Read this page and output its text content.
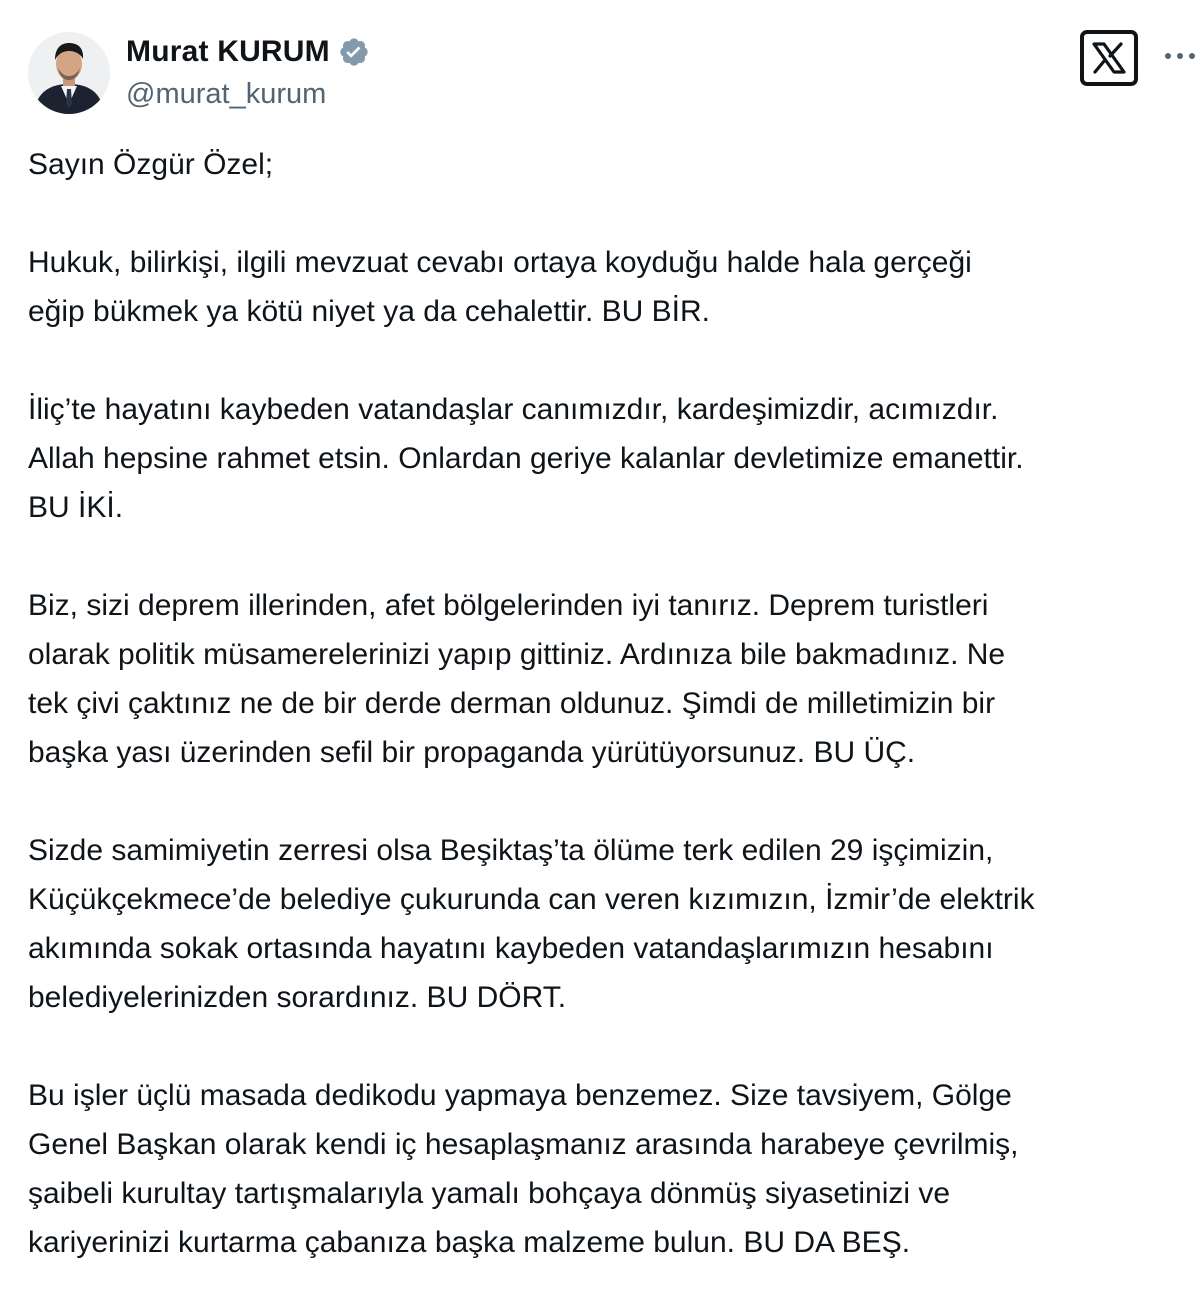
Murat KURUM
@murat_kurum

Sayın Özgür Özel;

Hukuk, bilirkişi, ilgili mevzuat cevabı ortaya koyduğu halde hala gerçeği
eğip bükmek ya kötü niyet ya da cehalettir. BU BİR.

İliç’te hayatını kaybeden vatandaşlar canımızdır, kardeşimizdir, acımızdır.
Allah hepsine rahmet etsin. Onlardan geriye kalanlar devletimize emanettir.
BU İKİ.

Biz, sizi deprem illerinden, afet bölgelerinden iyi tanırız. Deprem turistleri
olarak politik müsamerelerinizi yapıp gittiniz. Ardınıza bile bakmadınız. Ne
tek çivi çaktınız ne de bir derde derman oldunuz. Şimdi de milletimizin bir
başka yası üzerinden sefil bir propaganda yürütüyorsunuz. BU ÜÇ.

Sizde samimiyetin zerresi olsa Beşiktaş’ta ölüme terk edilen 29 işçimizin,
Küçükçekmece’de belediye çukurunda can veren kızımızın, İzmir’de elektrik
akımında sokak ortasında hayatını kaybeden vatandaşlarımızın hesabını
belediyelerinizden sorardınız. BU DÖRT.

Bu işler üçlü masada dedikodu yapmaya benzemez. Size tavsiyem, Gölge
Genel Başkan olarak kendi iç hesaplaşmanız arasında harabeye çevrilmiş,
şaibeli kurultay tartışmalarıyla yamalı bohçaya dönmüş siyasetinizi ve
kariyerinizi kurtarma çabanıza başka malzeme bulun. BU DA BEŞ.
